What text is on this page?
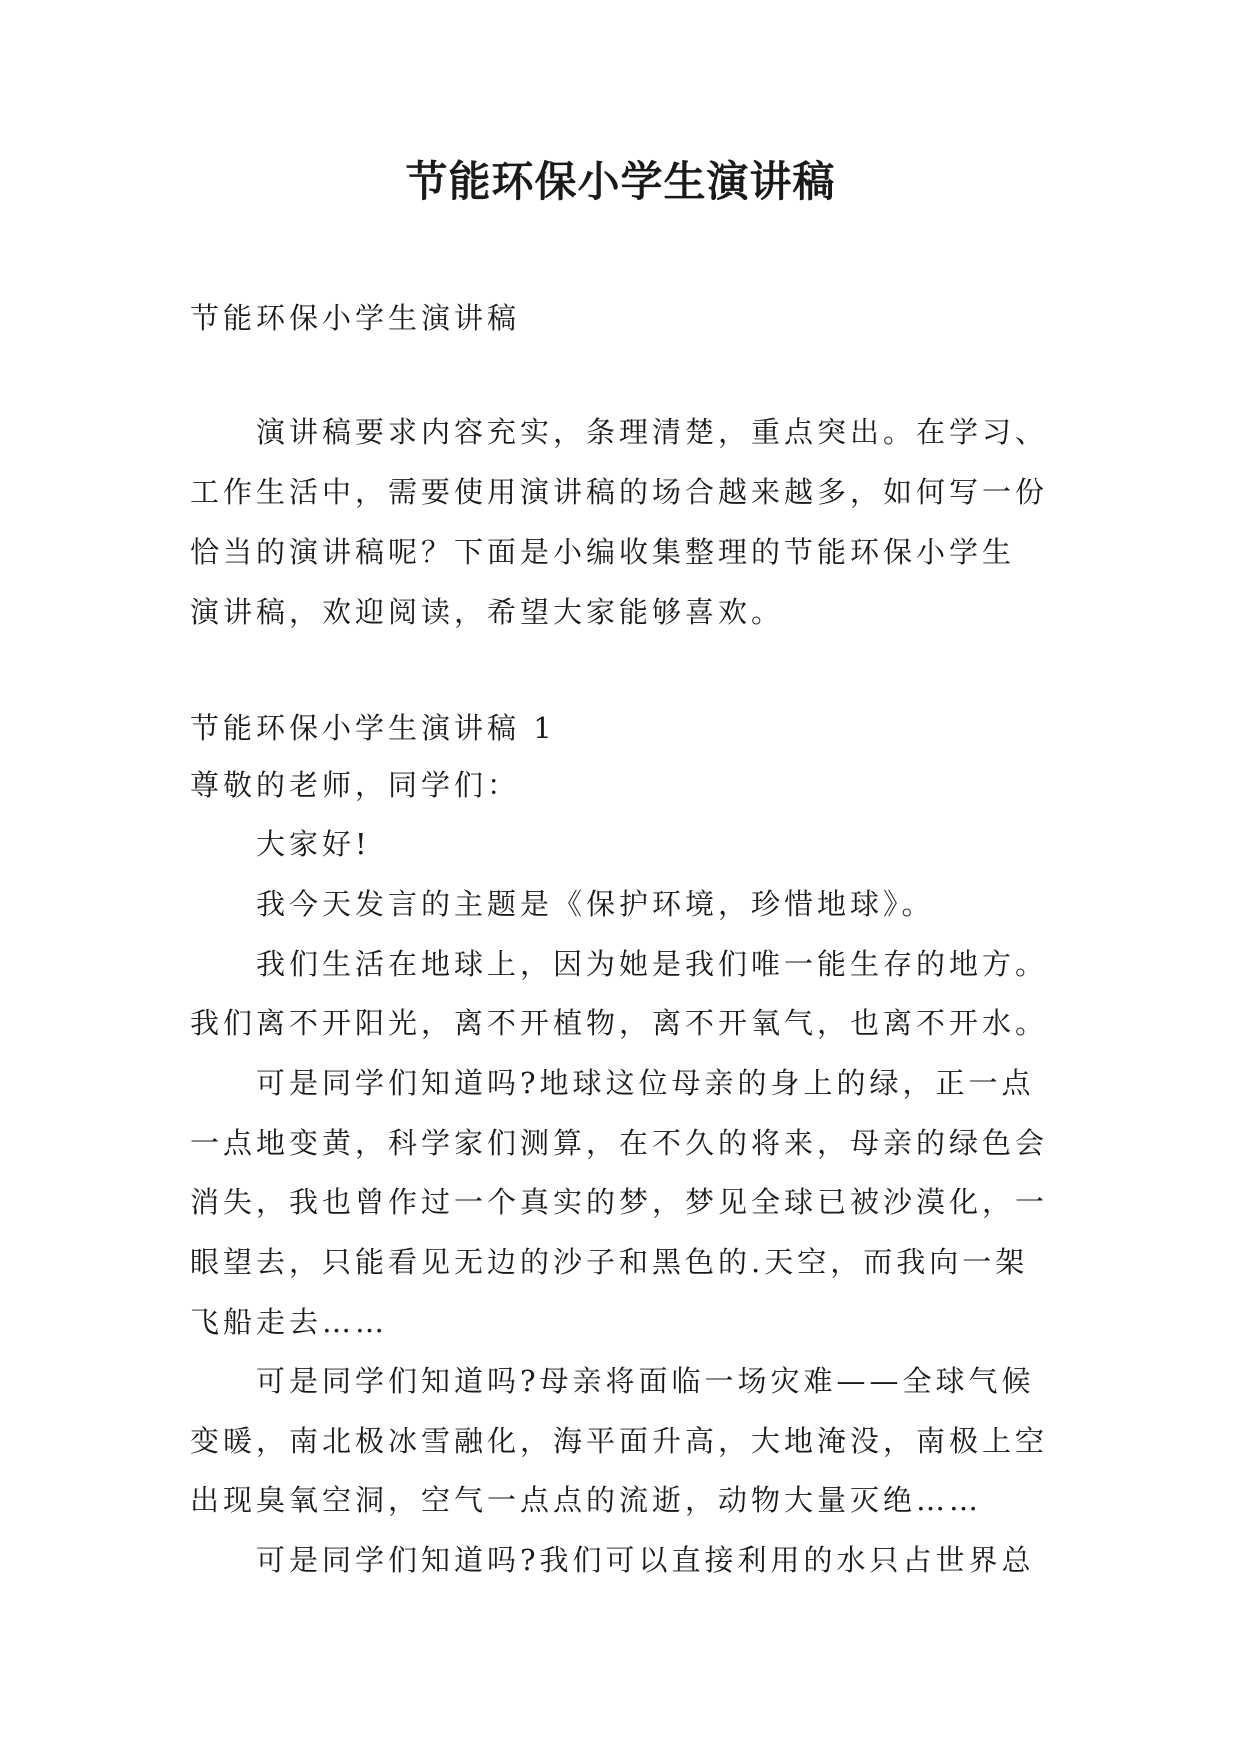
节能环保小学生演讲稿

节能环保小学生演讲稿

演讲稿要求内容充实，条理清楚，重点突出。在学习、

工作生活中，需要使用演讲稿的场合越来越多，如何写一份

恰当的演讲稿呢？下面是小编收集整理的节能环保小学生

演讲稿，欢迎阅读，希望大家能够喜欢。

节能环保小学生演讲稿 1

尊敬的老师，同学们：

大家好!

我今天发言的主题是《保护环境，珍惜地球》。

我们生活在地球上，因为她是我们唯一能生存的地方。

我们离不开阳光，离不开植物，离不开氧气，也离不开水。

可是同学们知道吗?地球这位母亲的身上的绿，正一点

一点地变黄，科学家们测算，在不久的将来，母亲的绿色会

消失，我也曾作过一个真实的梦，梦见全球已被沙漠化，一

眼望去，只能看见无边的沙子和黑色的.天空，而我向一架

飞船走去……

可是同学们知道吗?母亲将面临一场灾难——全球气候

变暖，南北极冰雪融化，海平面升高，大地淹没，南极上空

出现臭氧空洞，空气一点点的流逝，动物大量灭绝……

可是同学们知道吗?我们可以直接利用的水只占世界总
